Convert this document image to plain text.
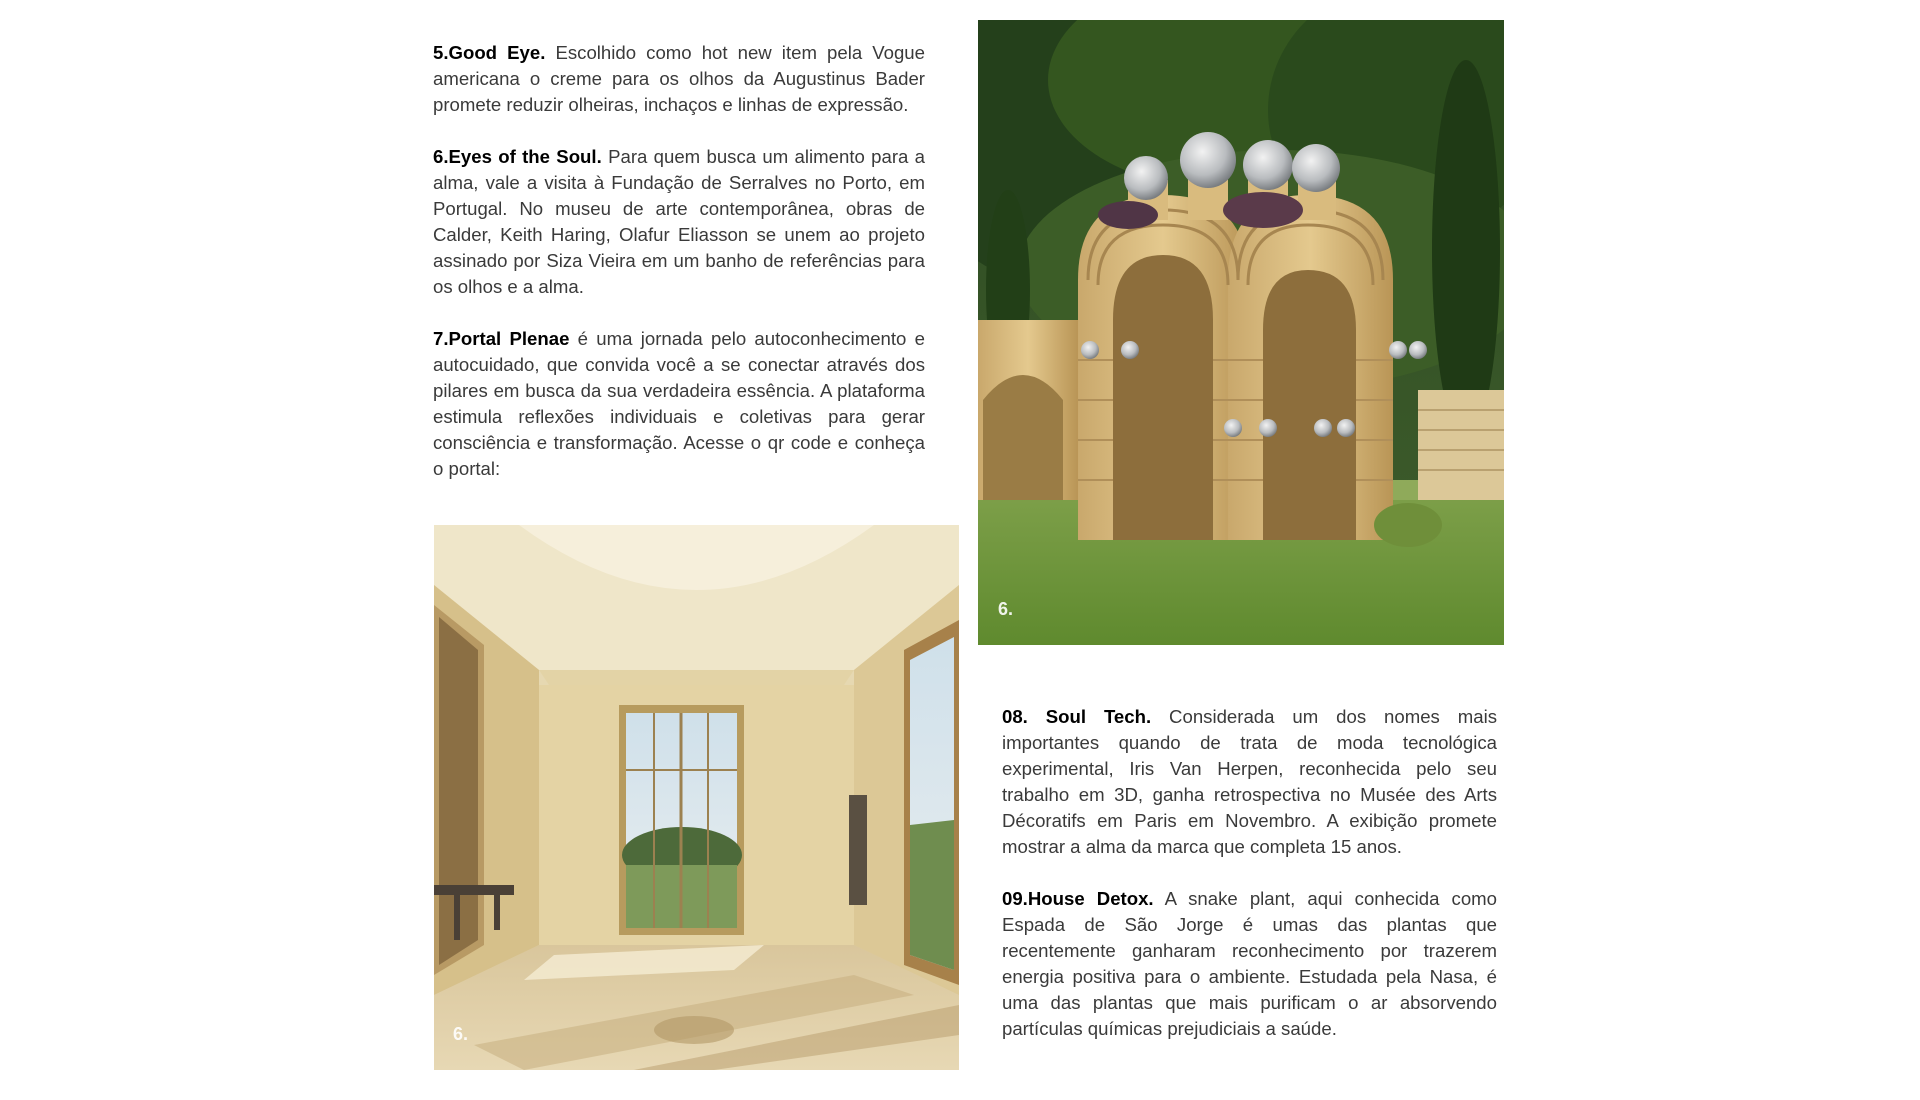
5.Good Eye. Escolhido como hot new item pela Vogue americana o creme para os olhos da Augustinus Bader promete reduzir olheiras, inchaços e linhas de expressão.

6.Eyes of the Soul. Para quem busca um alimento para a alma, vale a visita à Fundação de Serralves no Porto, em Portugal. No museu de arte contemporânea, obras de Calder, Keith Haring, Olafur Eliasson se unem ao projeto assinado por Siza Vieira em um banho de referências para os olhos e a alma.

7.Portal Plenae é uma jornada pelo autoconhecimento e autocuidado, que convida você a se conectar através dos pilares em busca da sua verdadeira essência. A plataforma estimula reflexões individuais e coletivas para gerar consciência e transformação. Acesse o qr code e conheça o portal:

6.
6.

08. Soul Tech. Considerada um dos nomes mais importantes quando de trata de moda tecnológica experimental, Iris Van Herpen, reconhecida pelo seu trabalho em 3D, ganha retrospectiva no Musée des Arts Décoratifs em Paris em Novembro. A exibição promete mostrar a alma da marca que completa 15 anos.

09.House Detox. A snake plant, aqui conhecida como Espada de São Jorge é umas das plantas que recentemente ganharam reconhecimento por trazerem energia positiva para o ambiente. Estudada pela Nasa, é uma das plantas que mais purificam o ar absorvendo partículas químicas prejudiciais a saúde.
